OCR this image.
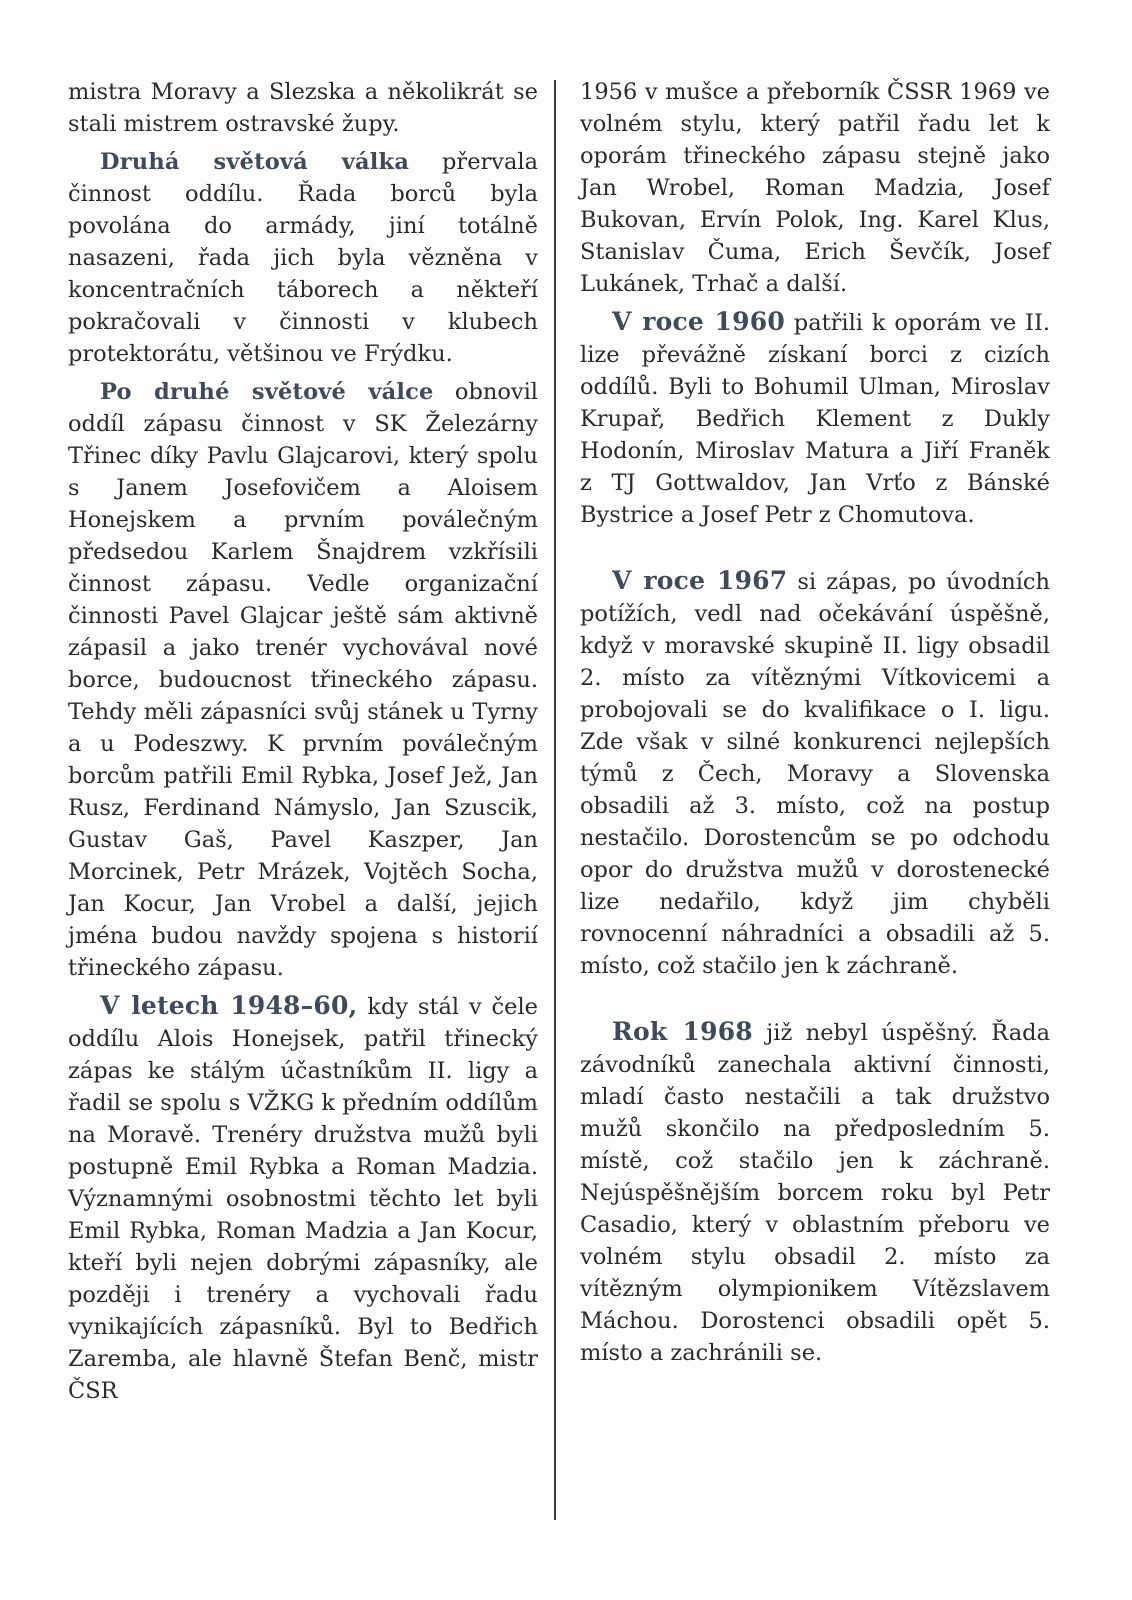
mistra Moravy a Slezska a několikrát se stali mistrem ostravské župy.

Druhá světová válka přervala činnost oddílu. Řada borců byla povolána do armády, jiní totálně nasazeni, řada jich byla vězněna v koncentračních táborech a někteří pokračovali v činnosti v klubech protektorátu, většinou ve Frýdku.

Po druhé světové válce obnovil oddíl zápasu činnost v SK Železárny Třinec díky Pavlu Glajcarovi, který spolu s Janem Josefovičem a Aloisem Honejskem a prvním poválečným předsedou Karlem Šnajdrem vzkřísili činnost zápasu. Vedle organizační činnosti Pavel Glajcar ještě sám aktivně zápasil a jako trenér vychovával nové borce, budoucnost třineckého zápasu. Tehdy měli zápasníci svůj stánek u Tyrny a u Podeszwy. K prvním poválečným borcům patřili Emil Rybka, Josef Jež, Jan Rusz, Ferdinand Námyslo, Jan Szuscik, Gustav Gaš, Pavel Kaszper, Jan Morcinek, Petr Mrázek, Vojtěch Socha, Jan Kocur, Jan Vrobel a další, jejich jména budou navždy spojena s historií třineckého zápasu.

V letech 1948–60, kdy stál v čele oddílu Alois Honejsek, patřil třinecký zápas ke stálým účastníkům II. ligy a řadil se spolu s VŽKG k předním oddílům na Moravě. Trenéry družstva mužů byli postupně Emil Rybka a Roman Madzia. Významnými osobnostmi těchto let byli Emil Rybka, Roman Madzia a Jan Kocur, kteří byli nejen dobrými zápasníky, ale později i trenéry a vychovali řadu vynikajících zápasníků. Byl to Bedřich Zaremba, ale hlavně Štefan Benč, mistr ČSR

1956 v mušce a přeborník ČSSR 1969 ve volném stylu, který patřil řadu let k oporám třineckého zápasu stejně jako Jan Wrobel, Roman Madzia, Josef Bukovan, Ervín Polok, Ing. Karel Klus, Stanislav Čuma, Erich Ševčík, Josef Lukánek, Trhač a další.

V roce 1960 patřili k oporám ve II. lize převážně získaní borci z cizích oddílů. Byli to Bohumil Ulman, Miroslav Krupař, Bedřich Klement z Dukly Hodonín, Miroslav Matura a Jiří Franěk z TJ Gottwaldov, Jan Vrťo z Bánské Bystrice a Josef Petr z Chomutova.

V roce 1967 si zápas, po úvodních potížích, vedl nad očekávání úspěšně, když v moravské skupině II. ligy obsadil 2. místo za vítěznými Vítkovicemi a probojovali se do kvalifikace o I. ligu. Zde však v silné konkurenci nejlepších týmů z Čech, Moravy a Slovenska obsadili až 3. místo, což na postup nestačilo. Dorostencům se po odchodu opor do družstva mužů v dorostenecké lize nedařilo, když jim chyběli rovnocenní náhradníci a obsadili až 5. místo, což stačilo jen k záchraně.

Rok 1968 již nebyl úspěšný. Řada závodníků zanechala aktivní činnosti, mladí často nestačili a tak družstvo mužů skončilo na předposledním 5. místě, což stačilo jen k záchraně. Nejúspěšnějším borcem roku byl Petr Casadio, který v oblastním přeboru ve volném stylu obsadil 2. místo za vítězným olympionikem Vítězslavem Máchou. Dorostenci obsadili opět 5. místo a zachránili se.
